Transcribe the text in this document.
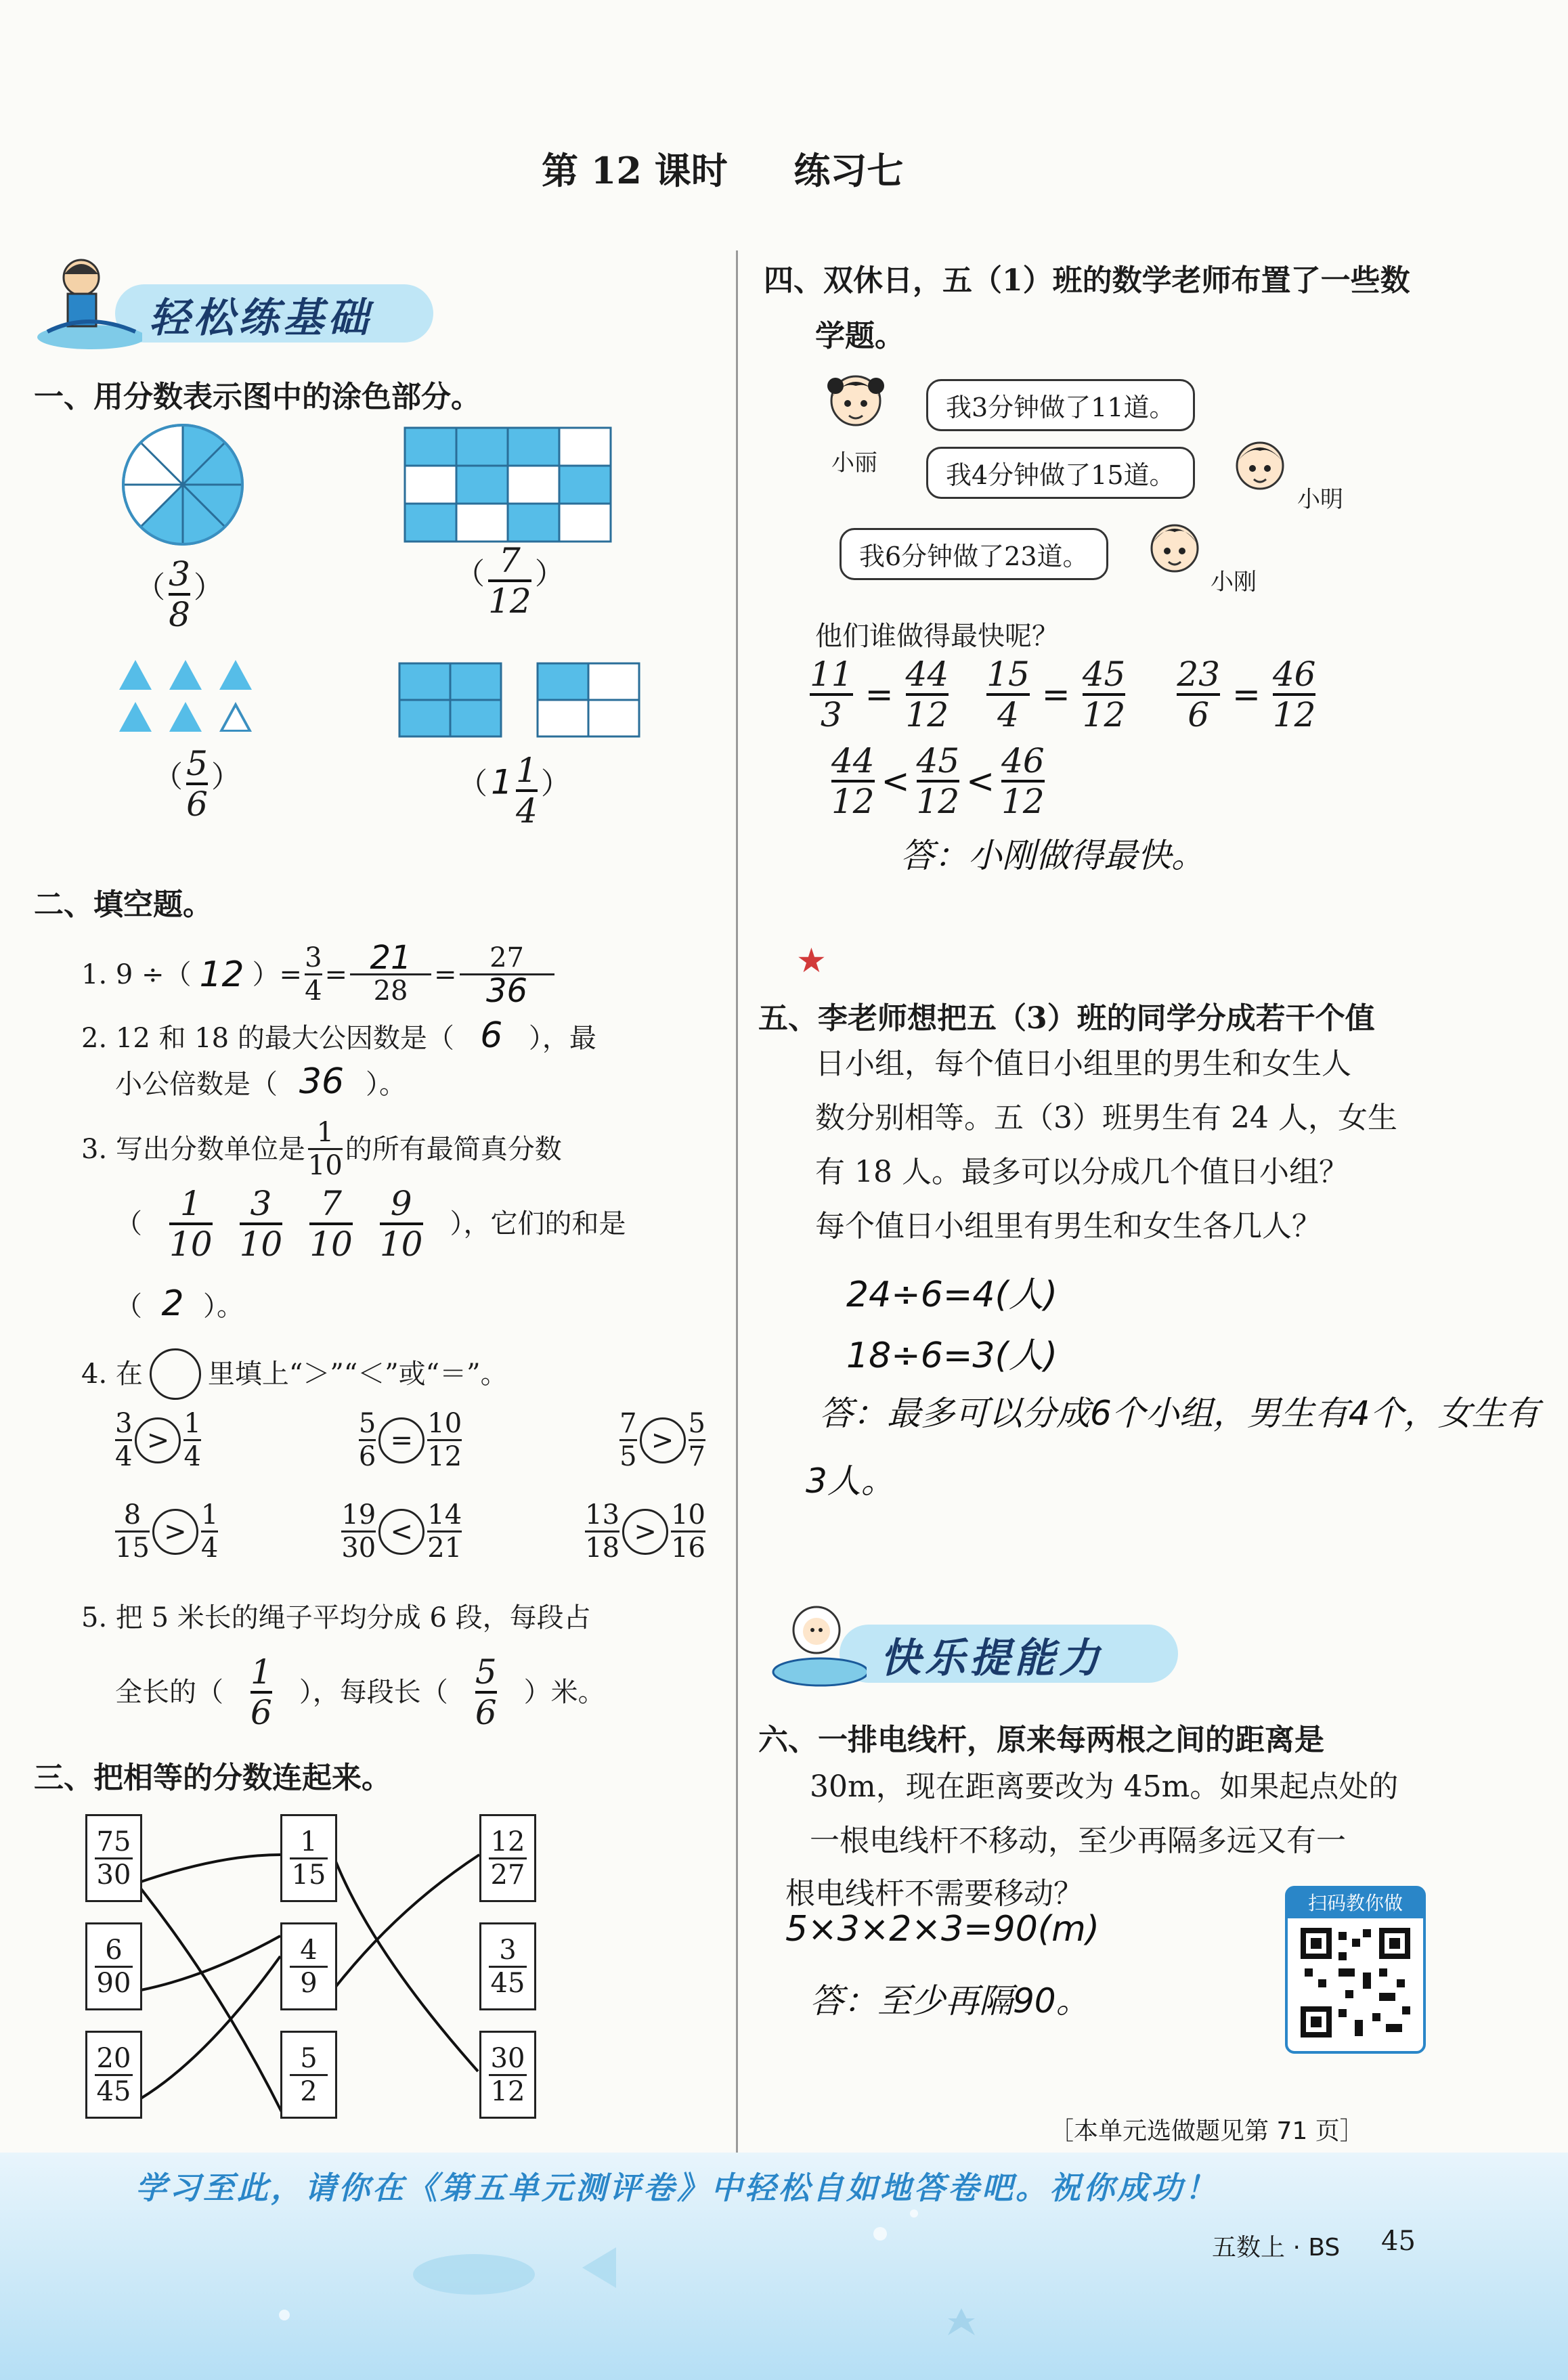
第 12 课时 练习七
轻松练基础
一、用分数表示图中的涂色部分。
（ $\frac{3}{8}$ ）	（ $\frac{7}{12}$ ）
（ $\frac{5}{6}$ ）	（ $1 \frac{1}{4}$ ）
二、填空题。
1. 9 ÷（ 12 ）= $\frac{3}{4} = \frac{21}{28} = \frac{27}{36}$
2. 12 和 18 的最大公因数是（ 6 ），最
小公倍数是（ 36 ）。
3. 写出分数单位是 $\frac{1}{10}$ 的所有最简真分数
（
1
10
3
10
7
10
9
10
），它们的和是
（ 2 ）。
4. 在 里填上“＞”“＜”或“＝”。
$\frac{3}{4} > \frac{1}{4}$	$\frac{5}{6} = \frac{10}{12}$	$\frac{7}{5} > \frac{5}{7}$
$\frac{8}{15} > \frac{1}{4}$	$\frac{19}{30} < \frac{14}{21}$	$\frac{13}{18} > \frac{10}{16}$
5. 把 5 米长的绳子平均分成 6 段，每段占
全长的（
1
6
），每段长（
5
6
）米。
三、把相等的分数连起来。
75
30
6
90
20
45
1
15
4
9
5
2
12
27
3
45
30
12
四、双休日，五（1）班的数学老师布置了一些数
学题。
小丽
我3分钟做了11道。
我4分钟做了15道。
小明
我6分钟做了23道。
小刚
他们谁做得最快呢？
11
3
=
44
12
15
4
=
45
12
23
6
=
46
12
44
12
<
45
12
<
46
12
答：小刚做得最快。
★
五、李老师想把五（3）班的同学分成若干个值
日小组，每个值日小组里的男生和女生人
数分别相等。五（3）班男生有 24 人，女生
有 18 人。最多可以分成几个值日小组？
每个值日小组里有男生和女生各几人？
24÷6=4(人)
18÷6=3(人)
答：最多可以分成6个小组，男生有4个，女生有
3人。
快乐提能力
六、一排电线杆，原来每两根之间的距离是
30m，现在距离要改为 45m。如果起点处的
一根电线杆不移动，至少再隔多远又有一
根电线杆不需要移动？
5×3×2×3=90(m)
答：至少再隔90。
扫码教你做
［本单元选做题见第 71 页］
学习至此，请你在《第五单元测评卷》中轻松自如地答卷吧。祝你成功！
五数上 · BS 45
